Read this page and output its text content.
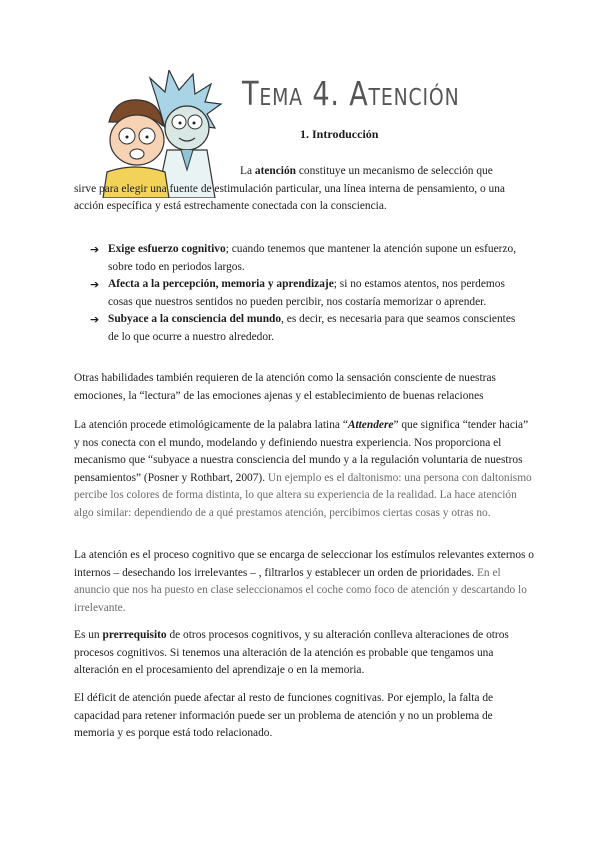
Tema 4. Atención
1. Introducción

La atención constituye un mecanismo de selección que sirve para elegir una fuente de estimulación particular, una línea interna de pensamiento, o una acción específica y está estrechamente conectada con la consciencia.

➔ Exige esfuerzo cognitivo; cuando tenemos que mantener la atención supone un esfuerzo, sobre todo en periodos largos.
➔ Afecta a la percepción, memoria y aprendizaje; si no estamos atentos, nos perdemos cosas que nuestros sentidos no pueden percibir, nos costaría memorizar o aprender.
➔ Subyace a la consciencia del mundo, es decir, es necesaria para que seamos conscientes de lo que ocurre a nuestro alrededor.

Otras habilidades también requieren de la atención como la sensación consciente de nuestras emociones, la “lectura” de las emociones ajenas y el establecimiento de buenas relaciones

La atención procede etimológicamente de la palabra latina “Attendere” que significa “tender hacia” y nos conecta con el mundo, modelando y definiendo nuestra experiencia. Nos proporciona el mecanismo que “subyace a nuestra consciencia del mundo y a la regulación voluntaria de nuestros pensamientos” (Posner y Rothbart, 2007). Un ejemplo es el daltonismo: una persona con daltonismo percibe los colores de forma distinta, lo que altera su experiencia de la realidad. La hace atención algo similar: dependiendo de a qué prestamos atención, percibimos ciertas cosas y otras no.

La atención es el proceso cognitivo que se encarga de seleccionar los estímulos relevantes externos o internos – desechando los irrelevantes – , filtrarlos y establecer un orden de prioridades. En el anuncio que nos ha puesto en clase seleccionamos el coche como foco de atención y descartando lo irrelevante.

Es un prerrequisito de otros procesos cognitivos, y su alteración conlleva alteraciones de otros procesos cognitivos. Si tenemos una alteración de la atención es probable que tengamos una alteración en el procesamiento del aprendizaje o en la memoria.

El déficit de atención puede afectar al resto de funciones cognitivas. Por ejemplo, la falta de capacidad para retener información puede ser un problema de atención y no un problema de memoria y es porque está todo relacionado.
